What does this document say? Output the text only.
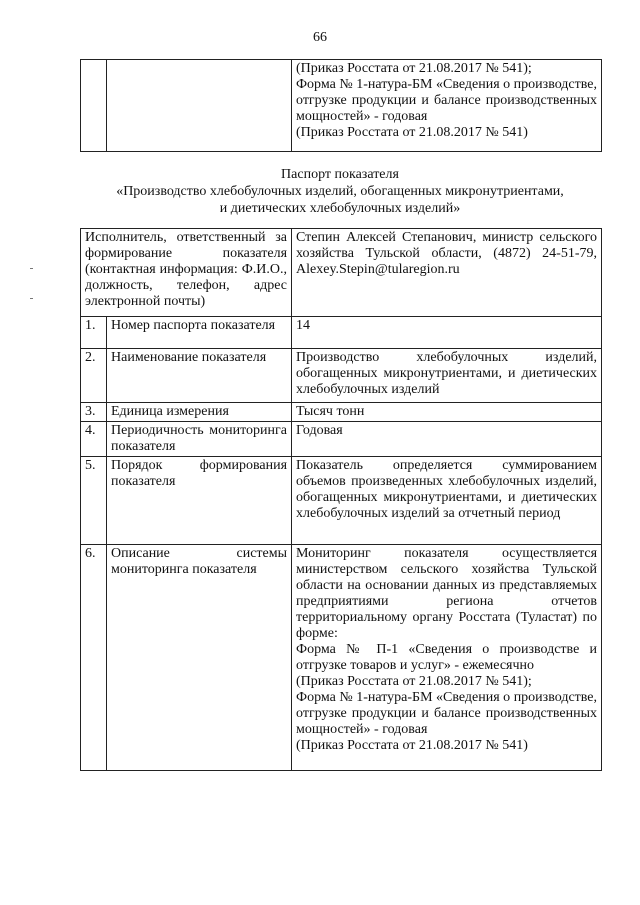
66

(Приказ Росстата от 21.08.2017 № 541);
Форма № 1-натура-БМ «Сведения о производстве, отгрузке продукции и балансе производственных мощностей» - годовая
(Приказ Росстата от 21.08.2017 № 541)
Паспорт показателя
«Производство хлебобулочных изделий, обогащенных микронутриентами,
и диетических хлебобулочных изделий»
Исполнитель, ответственный за формирование показателя (контактная информация: Ф.И.О., должность, телефон, адрес электронной почты)		Степин Алексей Степанович, министр сельского хозяйства Тульской области, (4872) 24-51-79, Alexey.Stepin@tularegion.ru
1.	Номер паспорта показателя	14
2.	Наименование показателя	Производство хлебобулочных изделий, обогащенных микронутриентами, и диетических хлебобулочных изделий
3.	Единица измерения	Тысяч тонн
4.	Периодичность мониторинга показателя	Годовая
5.	Порядок формирования показателя	Показатель определяется суммированием объемов произведенных хлебобулочных изделий, обогащенных микронутриентами, и диетических хлебобулочных изделий за отчетный период
6.	Описание системы мониторинга показателя	Мониторинг показателя осуществляется министерством сельского хозяйства Тульской области на основании данных из представляемых предприятиями региона отчетов территориальному органу Росстата (Туластат) по форме:
Форма № П-1 «Сведения о производстве и отгрузке товаров и услуг» - ежемесячно
(Приказ Росстата от 21.08.2017 № 541);
Форма № 1-натура-БМ «Сведения о производстве, отгрузке продукции и балансе производственных мощностей» - годовая
(Приказ Росстата от 21.08.2017 № 541)
